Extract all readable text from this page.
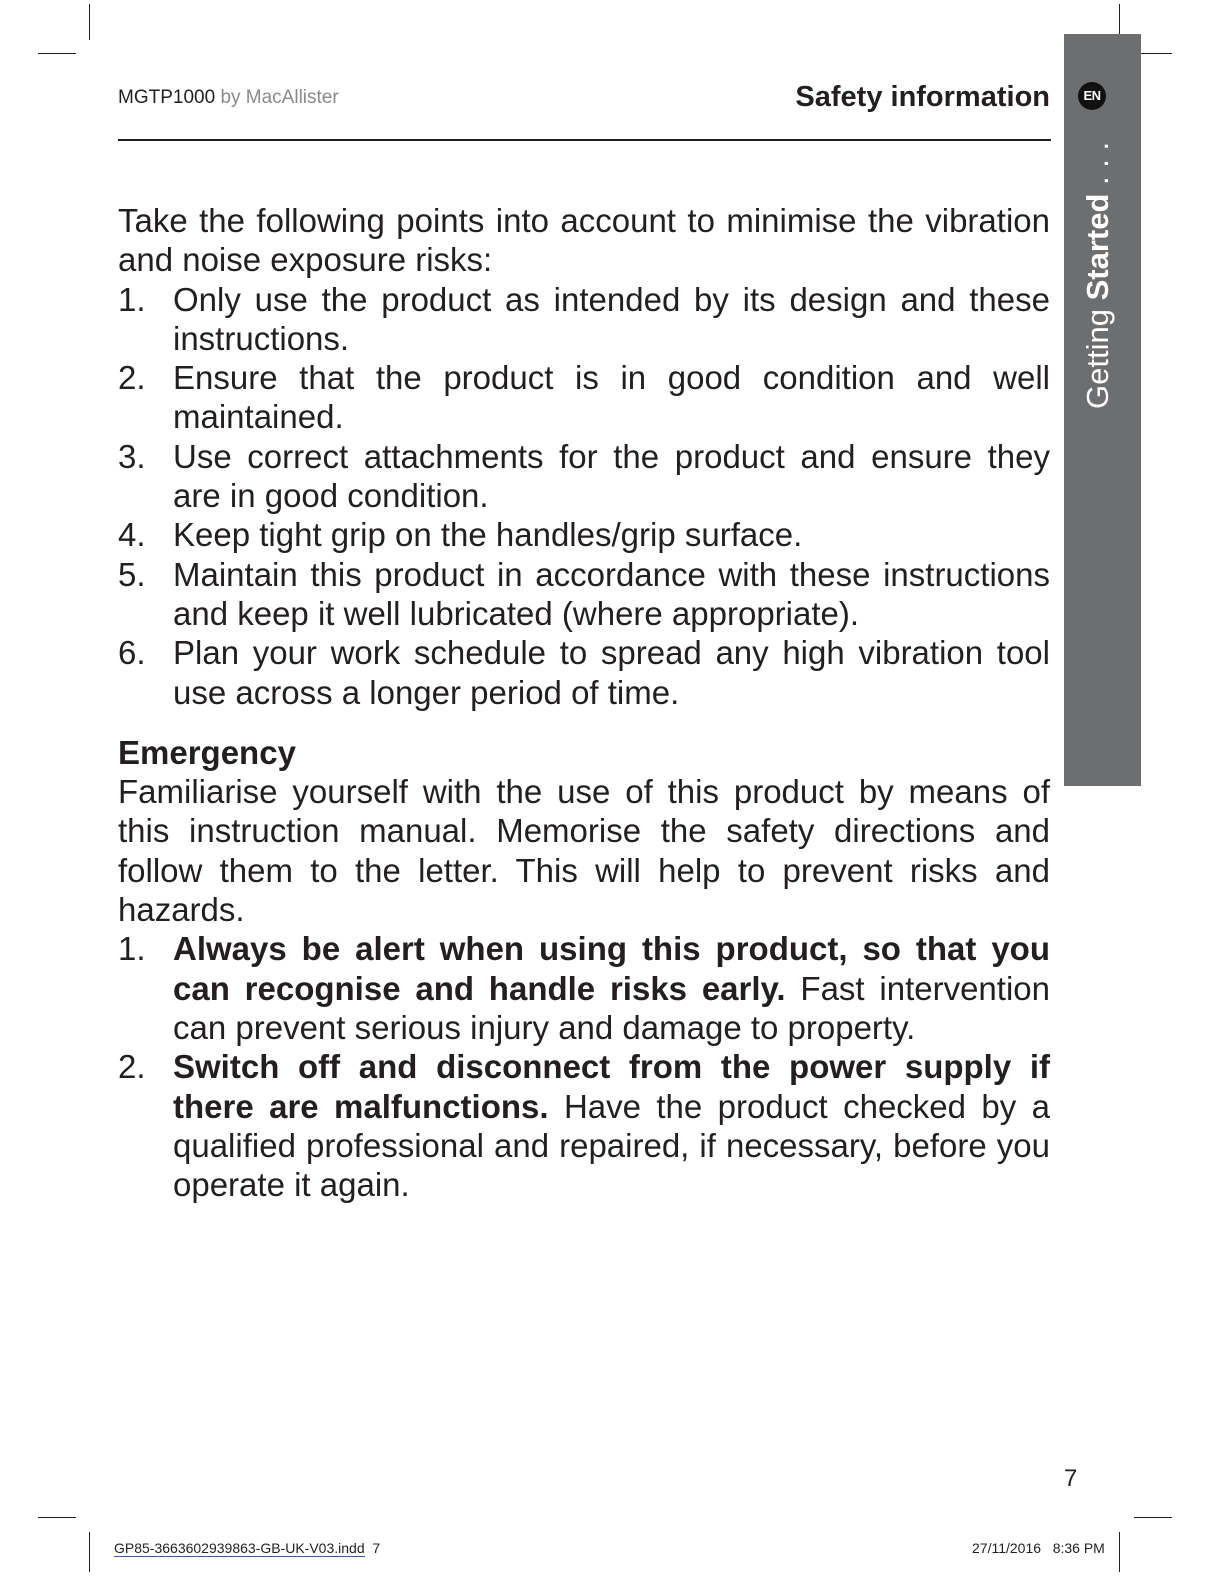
MGTP1000 by MacAllister	Safety information	EN
Getting Started . . .

Take the following points into account to minimise the vibration and noise exposure risks:

1. Only use the product as intended by its design and these instructions.
2. Ensure that the product is in good condition and well maintained.
3. Use correct attachments for the product and ensure they are in good condition.
4. Keep tight grip on the handles/grip surface.
5. Maintain this product in accordance with these instructions and keep it well lubricated (where appropriate).
6. Plan your work schedule to spread any high vibration tool use across a longer period of time.
Emergency

Familiarise yourself with the use of this product by means of this instruction manual. Memorise the safety directions and follow them to the letter. This will help to prevent risks and hazards.

1. Always be alert when using this product, so that you can recognise and handle risks early. Fast intervention can prevent serious injury and damage to property.
2. Switch off and disconnect from the power supply if there are malfunctions. Have the product checked by a qualified professional and repaired, if necessary, before you operate it again.
7
GP85-3663602939863-GB-UK-V03.indd 7	27/11/2016 8:36 PM
